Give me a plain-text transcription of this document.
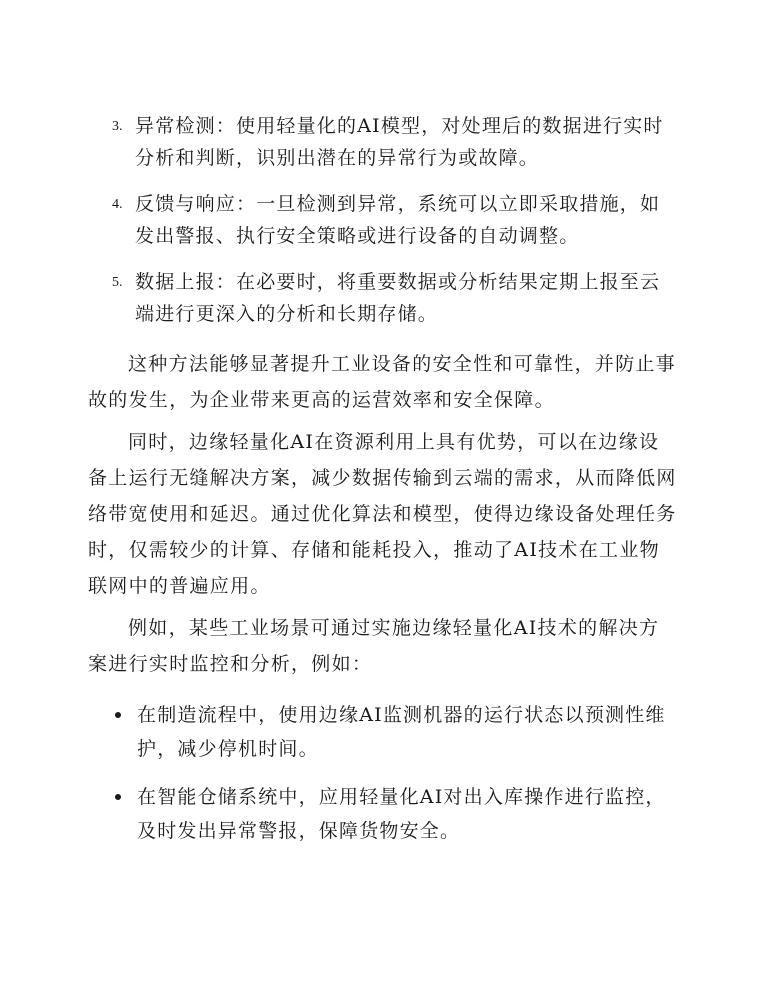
3. 异常检测：使用轻量化的AI模型，对处理后的数据进行实时分析和判断，识别出潜在的异常行为或故障。
4. 反馈与响应：一旦检测到异常，系统可以立即采取措施，如发出警报、执行安全策略或进行设备的自动调整。
5. 数据上报：在必要时，将重要数据或分析结果定期上报至云端进行更深入的分析和长期存储。

这种方法能够显著提升工业设备的安全性和可靠性，并防止事故的发生，为企业带来更高的运营效率和安全保障。

同时，边缘轻量化AI在资源利用上具有优势，可以在边缘设备上运行无缝解决方案，减少数据传输到云端的需求，从而降低网络带宽使用和延迟。通过优化算法和模型，使得边缘设备处理任务时，仅需较少的计算、存储和能耗投入，推动了AI技术在工业物联网中的普遍应用。

例如，某些工业场景可通过实施边缘轻量化AI技术的解决方案进行实时监控和分析，例如：

在制造流程中，使用边缘AI监测机器的运行状态以预测性维护，减少停机时间。
在智能仓储系统中，应用轻量化AI对出入库操作进行监控，及时发出异常警报，保障货物安全。
